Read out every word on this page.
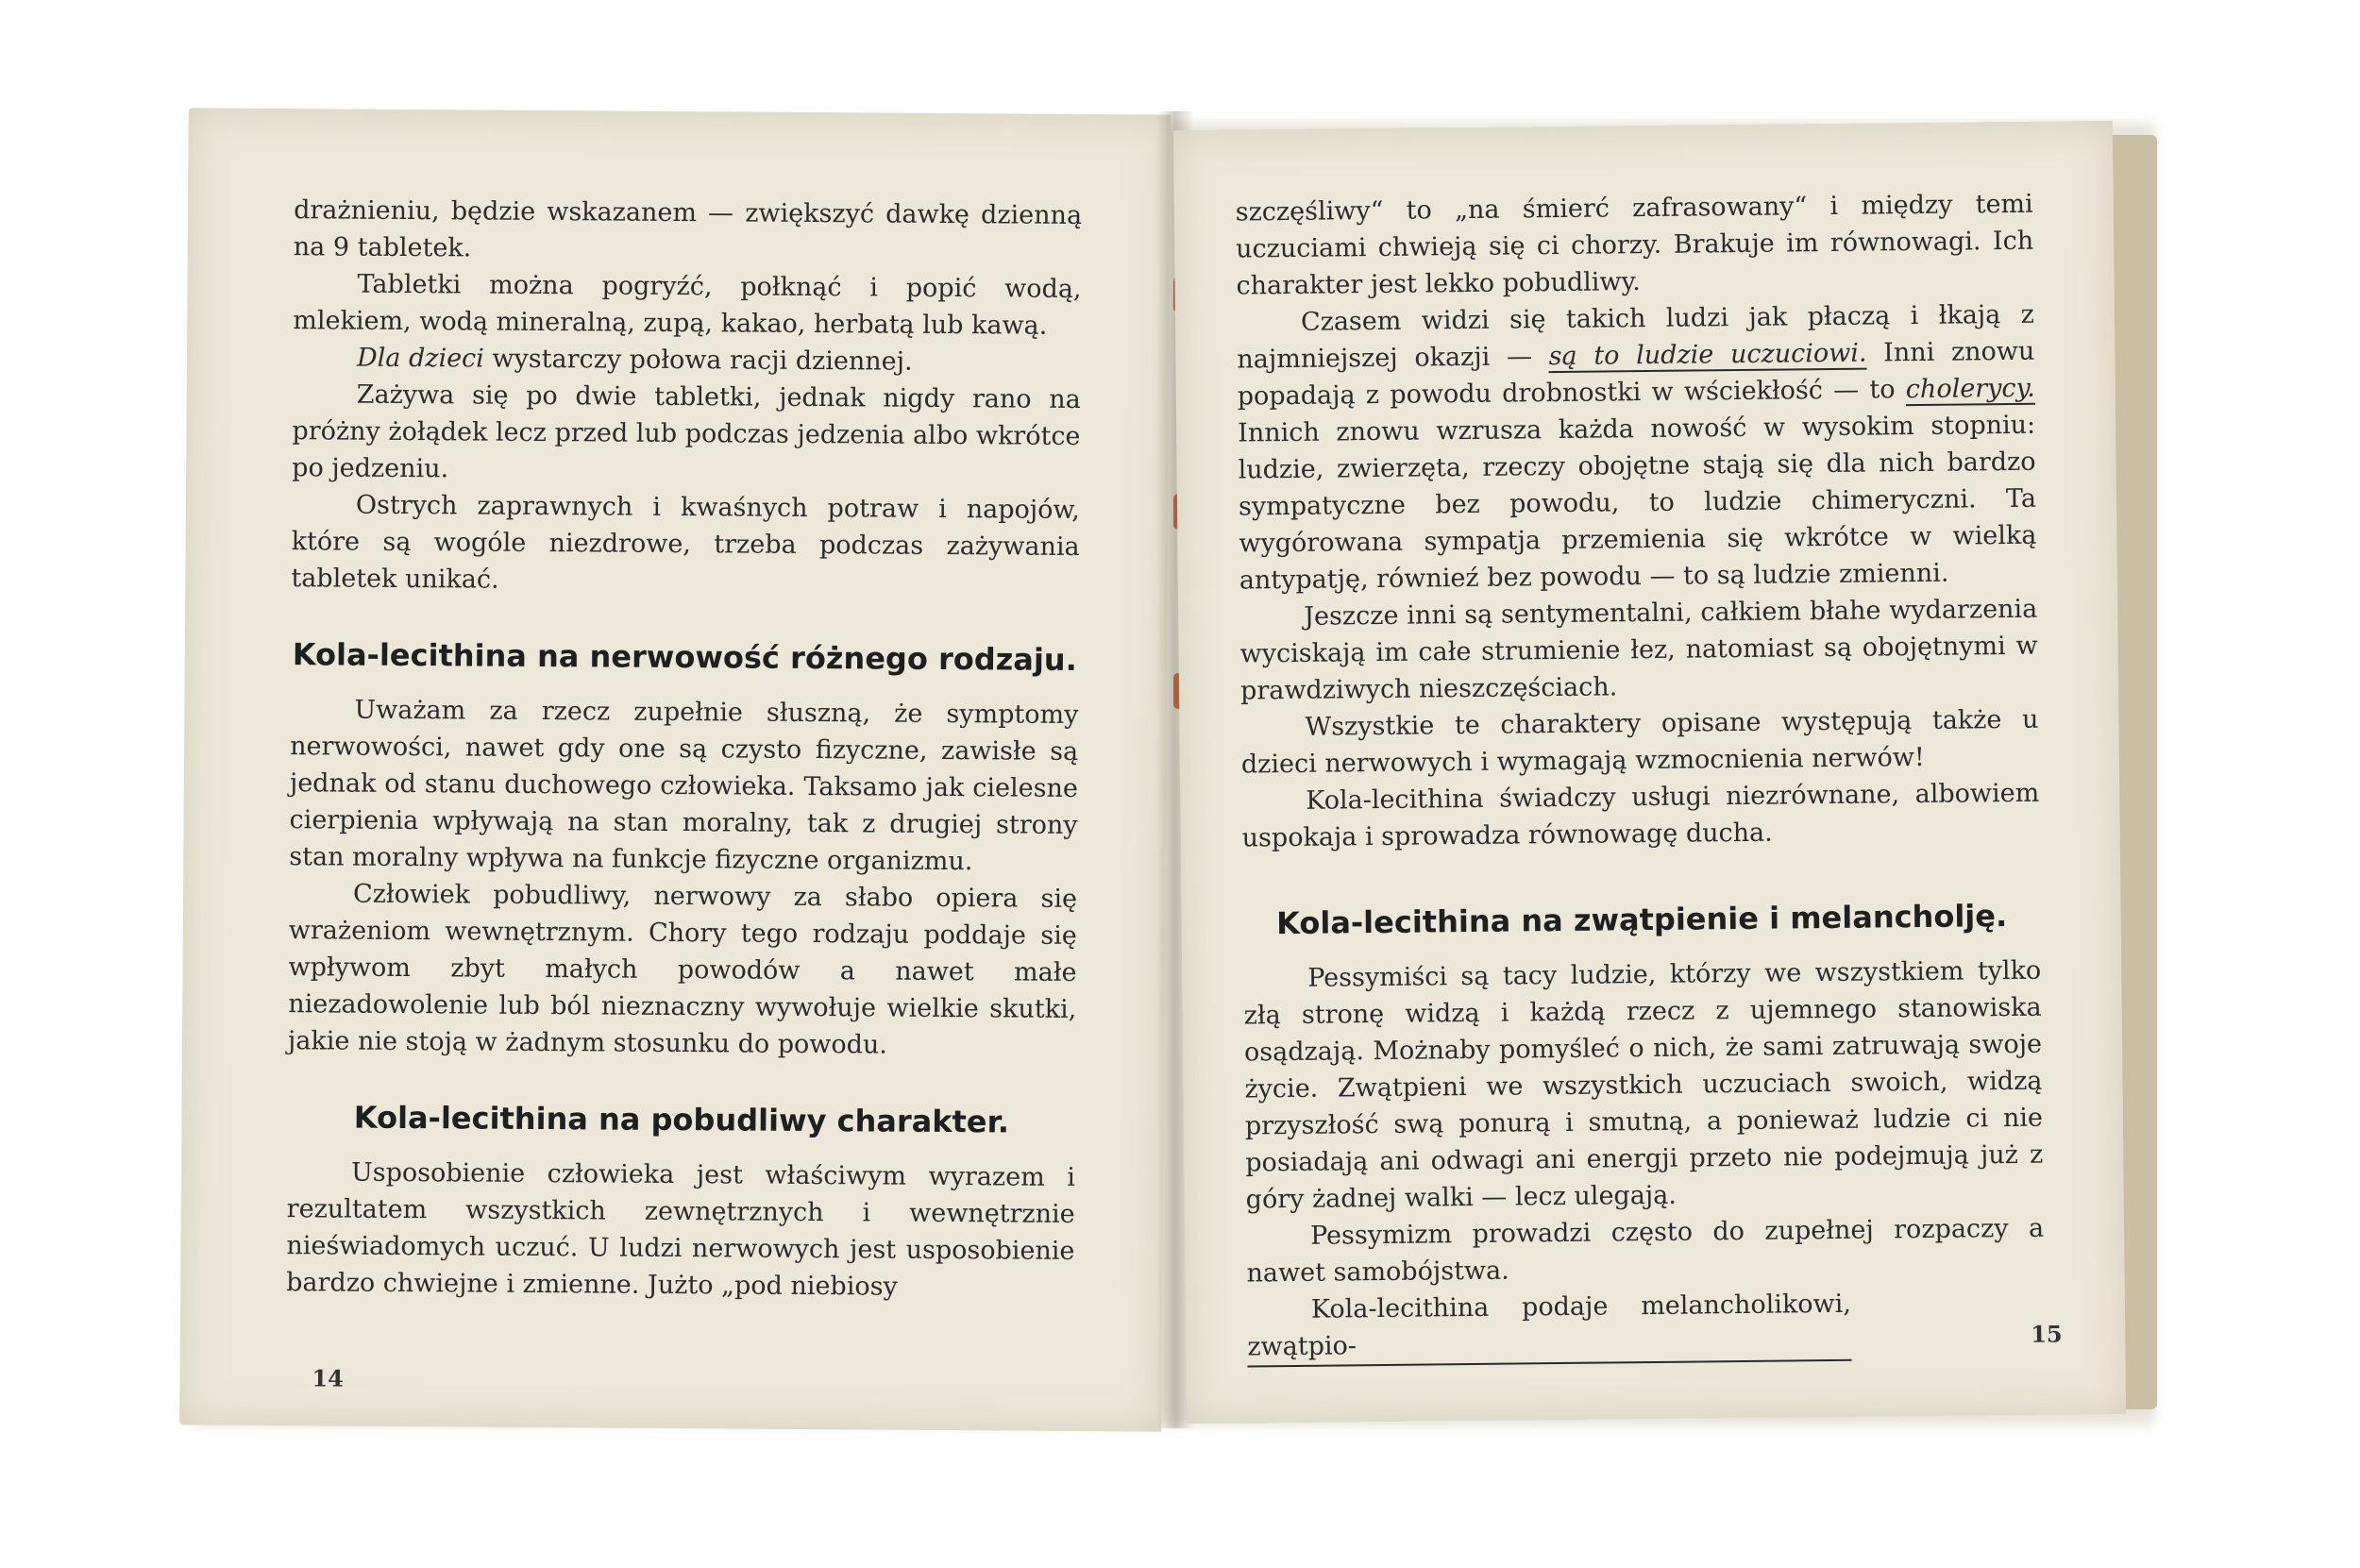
drażnieniu, będzie wskazanem — zwiększyć dawkę dzienną na 9 tabletek.

Tabletki można pogryźć, połknąć i popić wodą, mlekiem, wodą mineralną, zupą, kakao, herbatą lub kawą.

Dla dzieci wystarczy połowa racji dziennej.

Zażywa się po dwie tabletki, jednak nigdy rano na próżny żołądek lecz przed lub podczas jedzenia albo wkrótce po jedzeniu.

Ostrych zaprawnych i kwaśnych potraw i napojów, które są wogóle niezdrowe, trzeba podczas zażywania tabletek unikać.

Kola-lecithina na nerwowość różnego rodzaju.

Uważam za rzecz zupełnie słuszną, że symptomy nerwowości, nawet gdy one są czysto fizyczne, zawisłe są jednak od stanu duchowego człowieka. Taksamo jak cielesne cierpienia wpływają na stan moralny, tak z drugiej strony stan moralny wpływa na funkcje fizyczne organizmu.

Człowiek pobudliwy, nerwowy za słabo opiera się wrażeniom wewnętrznym. Chory tego rodzaju poddaje się wpływom zbyt małych powodów a nawet małe niezadowolenie lub ból nieznaczny wywołuje wielkie skutki, jakie nie stoją w żadnym stosunku do powodu.

Kola-lecithina na pobudliwy charakter.

Usposobienie człowieka jest właściwym wyrazem i rezultatem wszystkich zewnętrznych i wewnętrznie nieświadomych uczuć. U ludzi nerwowych jest usposobienie bardzo chwiejne i zmienne. Jużto „pod niebiosy

14

szczęśliwy“ to „na śmierć zafrasowany“ i między temi uczuciami chwieją się ci chorzy. Brakuje im równowagi. Ich charakter jest lekko pobudliwy.

Czasem widzi się takich ludzi jak płaczą i łkają z najmniejszej okazji — są to ludzie uczuciowi. Inni znowu popadają z powodu drobnostki w wściekłość — to cholerycy. Innich znowu wzrusza każda nowość w wysokim stopniu: ludzie, zwierzęta, rzeczy obojętne stają się dla nich bardzo sympatyczne bez powodu, to ludzie chimeryczni. Ta wygórowana sympatja przemienia się wkrótce w wielką antypatję, równieź bez powodu — to są ludzie zmienni.

Jeszcze inni są sentymentalni, całkiem błahe wydarzenia wyciskają im całe strumienie łez, natomiast są obojętnymi w prawdziwych nieszczęściach.

Wszystkie te charaktery opisane występują także u dzieci nerwowych i wymagają wzmocnienia nerwów!

Kola-lecithina świadczy usługi niezrównane, albowiem uspokaja i sprowadza równowagę ducha.

Kola-lecithina na zwątpienie i melancholję.

Pessymiści są tacy ludzie, którzy we wszystkiem tylko złą stronę widzą i każdą rzecz z ujemnego stanowiska osądzają. Możnaby pomyśleć o nich, że sami zatruwają swoje życie. Zwątpieni we wszystkich uczuciach swoich, widzą przyszłość swą ponurą i smutną, a ponieważ ludzie ci nie posiadają ani odwagi ani energji przeto nie podejmują już z góry żadnej walki — lecz ulegają.

Pessymizm prowadzi często do zupełnej rozpaczy a nawet samobójstwa.

Kola-lecithina podaje melancholikowi, zwątpio-	15
